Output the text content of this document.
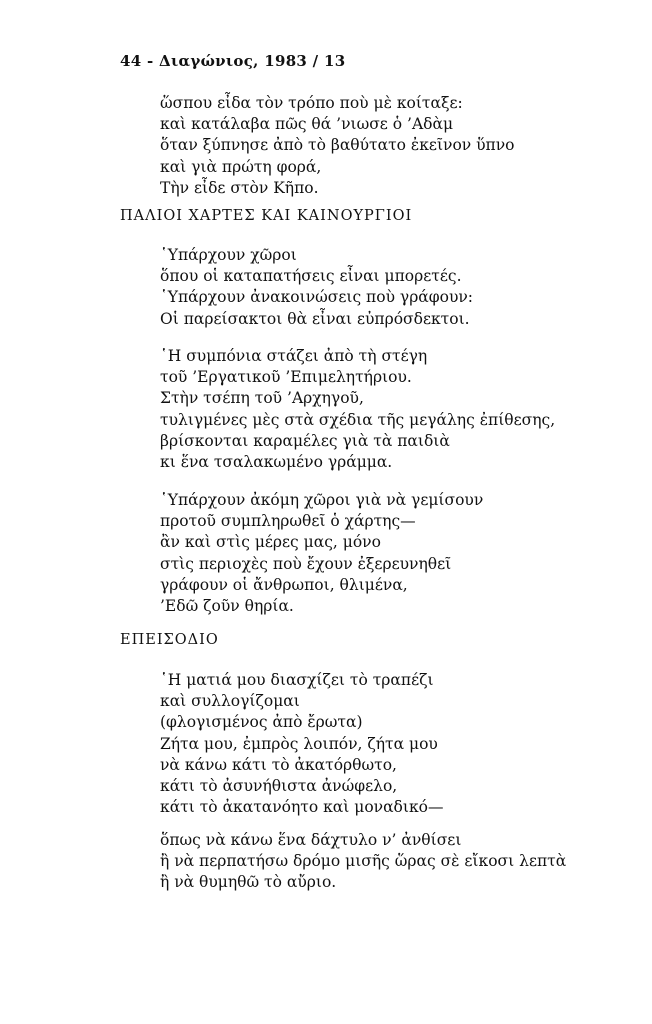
44 - Διαγώνιος, 1983 / 13
ὥσπου εἶδα τὸν τρόπο ποὺ μὲ κοίταξε:
καὶ κατάλαβα πῶς θά ’νιωσε ὁ ’Αδὰμ
ὅταν ξύπνησε ἀπὸ τὸ βαθύτατο ἐκεῖνον ὕπνο
καὶ γιὰ πρώτη φορά,
Τὴν εἶδε στὸν Κῆπο.
ΠΑΛΙΟΙ ΧΑΡΤΕΣ ΚΑΙ ΚΑΙΝΟΥΡΓΙΟΙ
῾Υπάρχουν χῶροι
ὅπου οἱ καταπατήσεις εἶναι μπορετές.
῾Υπάρχουν ἀνακοινώσεις ποὺ γράφουν:
Οἱ παρείσακτοι θὰ εἶναι εὐπρόσδεκτοι.
῾Η συμπόνια στάζει ἀπὸ τὴ στέγη
τοῦ ’Εργατικοῦ ’Επιμελητήριου.
Στὴν τσέπη τοῦ ’Αρχηγοῦ,
τυλιγμένες μὲς στὰ σχέδια τῆς μεγάλης ἐπίθεσης,
βρίσκονται καραμέλες γιὰ τὰ παιδιὰ
κι ἕνα τσαλακωμένο γράμμα.
῾Υπάρχουν ἀκόμη χῶροι γιὰ νὰ γεμίσουν
προτοῦ συμπληρωθεῖ ὁ χάρτης—
ἂν καὶ στὶς μέρες μας, μόνο
στὶς περιοχὲς ποὺ ἔχουν ἐξερευνηθεῖ
γράφουν οἱ ἄνθρωποι, θλιμένα,
’Εδῶ ζοῦν θηρία.
ΕΠΕΙΣΟΔΙΟ
῾Η ματιά μου διασχίζει τὸ τραπέζι
καὶ συλλογίζομαι
(φλογισμένος ἀπὸ ἔρωτα)
Ζήτα μου, ἐμπρὸς λοιπόν, ζήτα μου
νὰ κάνω κάτι τὸ ἀκατόρθωτο,
κάτι τὸ ἀσυνήθιστα ἀνώφελο,
κάτι τὸ ἀκατανόητο καὶ μοναδικό—
ὅπως νὰ κάνω ἕνα δάχτυλο ν’ ἀνθίσει
ἢ νὰ περπατήσω δρόμο μισῆς ὥρας σὲ εἴκοσι λεπτὰ
ἢ νὰ θυμηθῶ τὸ αὔριο.
